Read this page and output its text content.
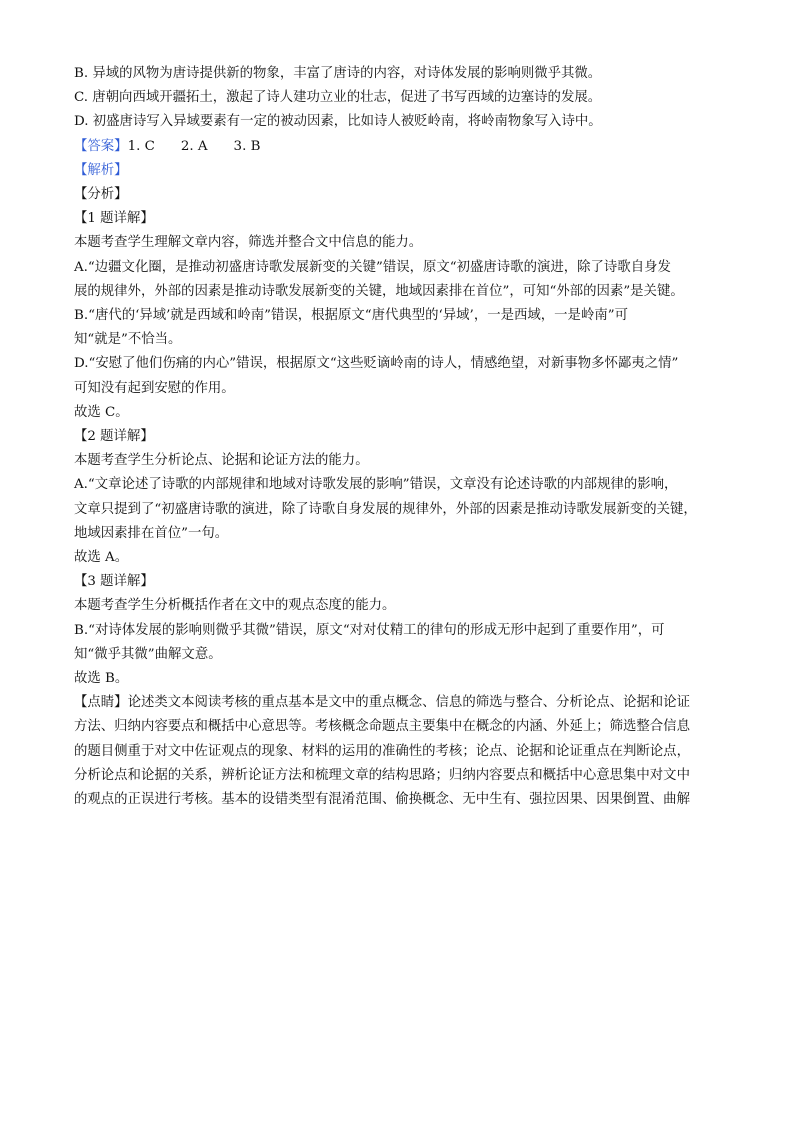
B. 异域的风物为唐诗提供新的物象，丰富了唐诗的内容，对诗体发展的影响则微乎其微。

C. 唐朝向西域开疆拓土，激起了诗人建功立业的壮志，促进了书写西域的边塞诗的发展。

D. 初盛唐诗写入异域要素有一定的被动因素，比如诗人被贬岭南，将岭南物象写入诗中。

【答案】1. C 2. A 3. B

【解析】

【分析】

【1 题详解】

本题考查学生理解文章内容，筛选并整合文中信息的能力。

A.“边疆文化圈，是推动初盛唐诗歌发展新变的关键”错误，原文“初盛唐诗歌的演进，除了诗歌自身发

展的规律外，外部的因素是推动诗歌发展新变的关键，地域因素排在首位”，可知“外部的因素”是关键。

B.“唐代的‘异域’就是西域和岭南”错误，根据原文“唐代典型的‘异域’，一是西域，一是岭南”可

知“就是”不恰当。

D.“安慰了他们伤痛的内心”错误，根据原文“这些贬谪岭南的诗人，情感绝望，对新事物多怀鄙夷之情”

可知没有起到安慰的作用。

故选 C。

【2 题详解】

本题考查学生分析论点、论据和论证方法的能力。

A.“文章论述了诗歌的内部规律和地域对诗歌发展的影响”错误，文章没有论述诗歌的内部规律的影响，

文章只提到了“初盛唐诗歌的演进，除了诗歌自身发展的规律外，外部的因素是推动诗歌发展新变的关键，

地域因素排在首位”一句。

故选 A。

【3 题详解】

本题考查学生分析概括作者在文中的观点态度的能力。

B.“对诗体发展的影响则微乎其微”错误，原文“对对仗精工的律句的形成无形中起到了重要作用”，可

知“微乎其微”曲解文意。

故选 B。

【点睛】论述类文本阅读考核的重点基本是文中的重点概念、信息的筛选与整合、分析论点、论据和论证

方法、归纳内容要点和概括中心意思等。考核概念命题点主要集中在概念的内涵、外延上；筛选整合信息

的题目侧重于对文中佐证观点的现象、材料的运用的准确性的考核；论点、论据和论证重点在判断论点，

分析论点和论据的关系，辨析论证方法和梳理文章的结构思路；归纳内容要点和概括中心意思集中对文中

的观点的正误进行考核。基本的设错类型有混淆范围、偷换概念、无中生有、强拉因果、因果倒置、曲解
